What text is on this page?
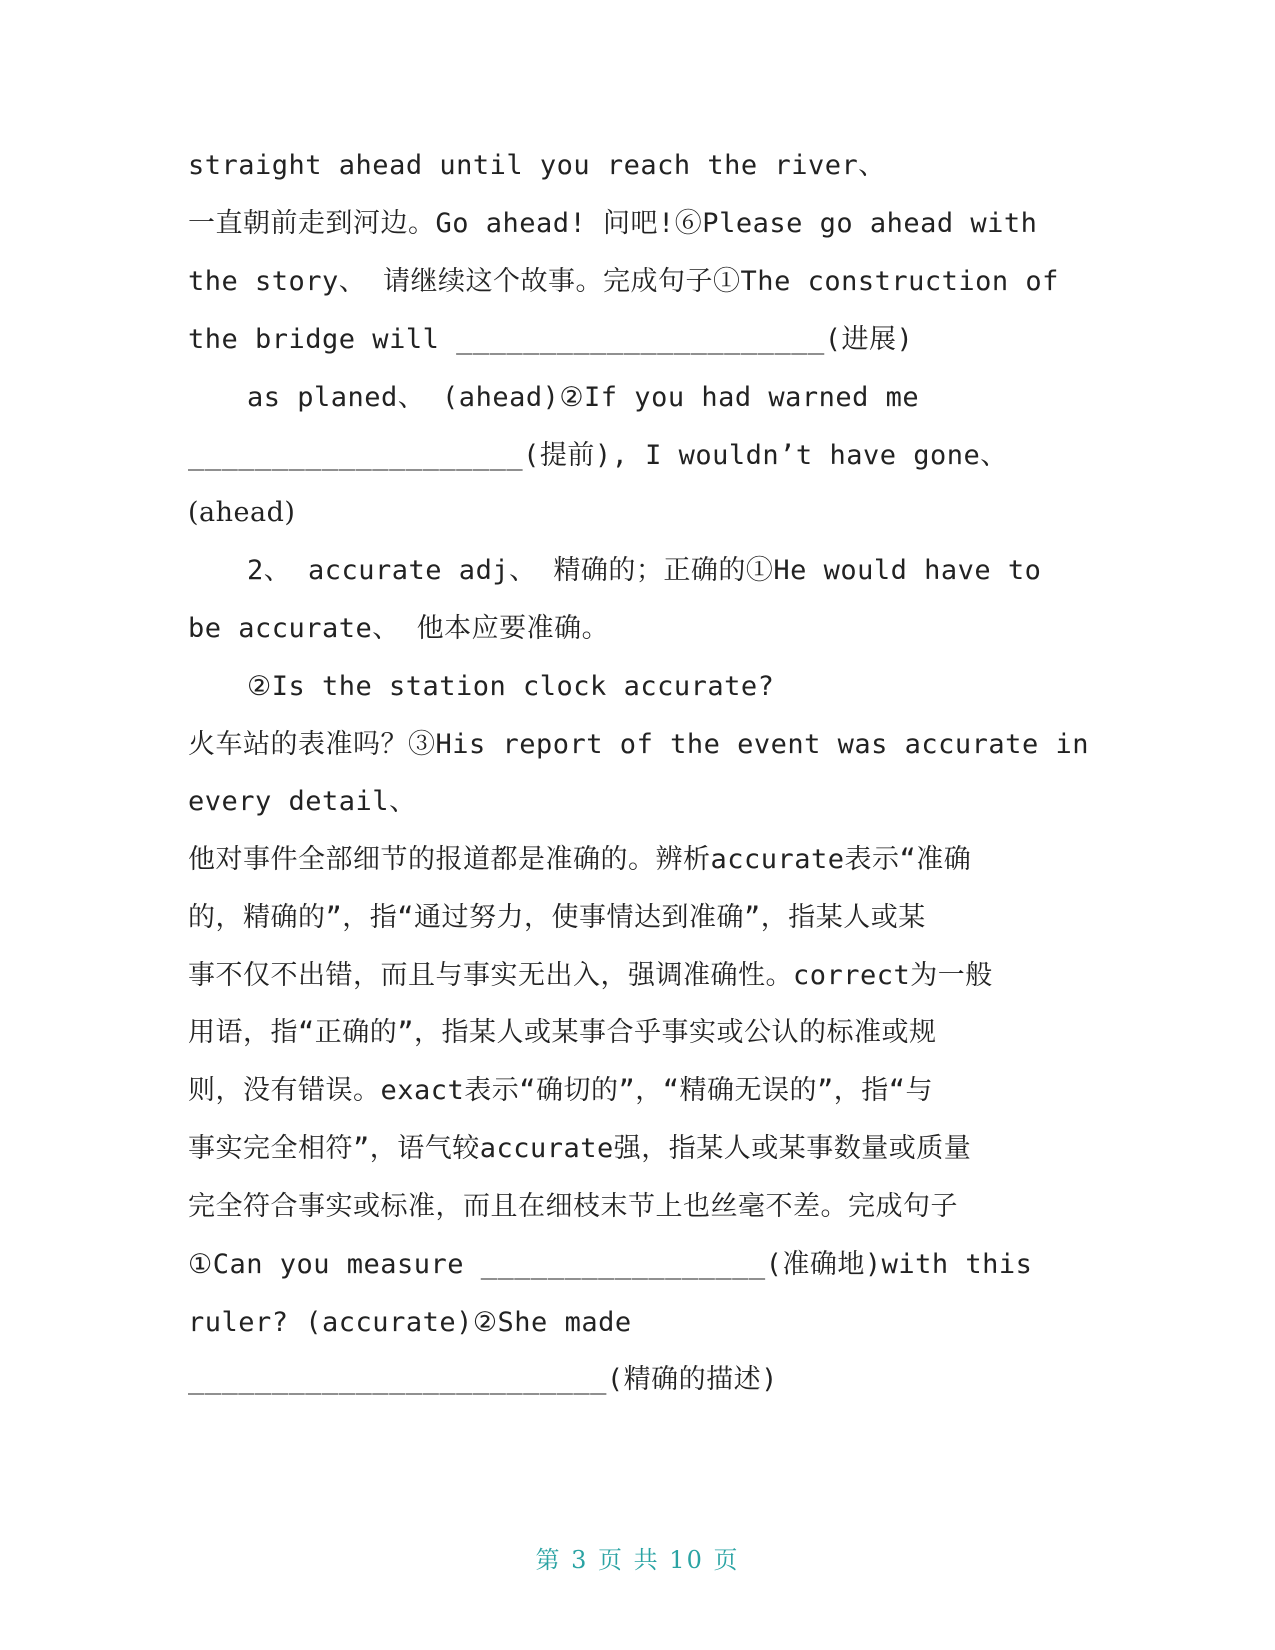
straight ahead until you reach the river、
一直朝前走到河边。Go ahead! 问吧!⑥Please go ahead with
the story、 请继续这个故事。完成句子①The construction of
the bridge will ______________________(进展)
as planed、 (ahead)②If you had warned me
____________________(提前), I wouldn’t have gone、
(ahead)
2、 accurate adj、 精确的；正确的①He would have to
be accurate、 他本应要准确。
②Is the station clock accurate?
火车站的表准吗？③His report of the event was accurate in
every detail、
他对事件全部细节的报道都是准确的。辨析accurate表示“准确
的，精确的”，指“通过努力，使事情达到准确”，指某人或某
事不仅不出错，而且与事实无出入，强调准确性。correct为一般
用语，指“正确的”，指某人或某事合乎事实或公认的标准或规
则，没有错误。exact表示“确切的”，“精确无误的”，指“与
事实完全相符”，语气较accurate强，指某人或某事数量或质量
完全符合事实或标准，而且在细枝末节上也丝毫不差。完成句子
①Can you measure _________________(准确地)with this
ruler? (accurate)②She made
_________________________(精确的描述)
第 3 页 共 10 页
